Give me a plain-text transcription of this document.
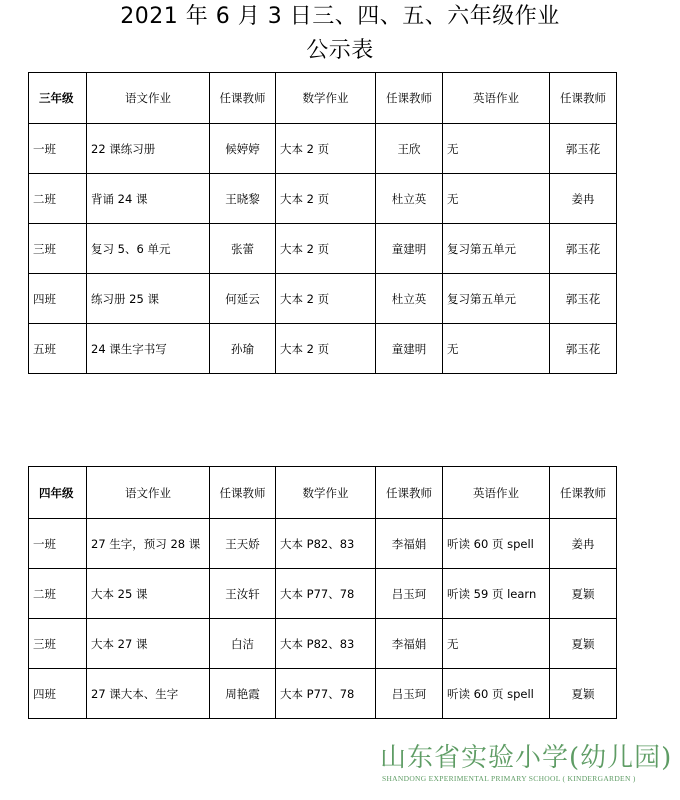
2021 年 6 月 3 日三、四、五、六年级作业
公示表
三年级	语文作业	任课教师	数学作业	任课教师	英语作业	任课教师
一班	22 课练习册	候婷婷	大本 2 页	王欣	无	郭玉花
二班	背诵 24 课	王晓黎	大本 2 页	杜立英	无	姜冉
三班	复习 5、6 单元	张蕾	大本 2 页	童建明	复习第五单元	郭玉花
四班	练习册 25 课	何延云	大本 2 页	杜立英	复习第五单元	郭玉花
五班	24 课生字书写	孙瑜	大本 2 页	童建明	无	郭玉花
四年级	语文作业	任课教师	数学作业	任课教师	英语作业	任课教师
一班	27 生字，预习 28 课	王天娇	大本 P82、83	李福娟	听读 60 页 spell	姜冉
二班	大本 25 课	王汝轩	大本 P77、78	吕玉珂	听读 59 页 learn	夏颖
三班	大本 27 课	白洁	大本 P82、83	李福娟	无	夏颖
四班	27 课大本、生字	周艳霞	大本 P77、78	吕玉珂	听读 60 页 spell	夏颖
山东省实验小学(幼儿园)
SHANDONG EXPERIMENTAL PRIMARY SCHOOL ( KINDERGARDEN )
